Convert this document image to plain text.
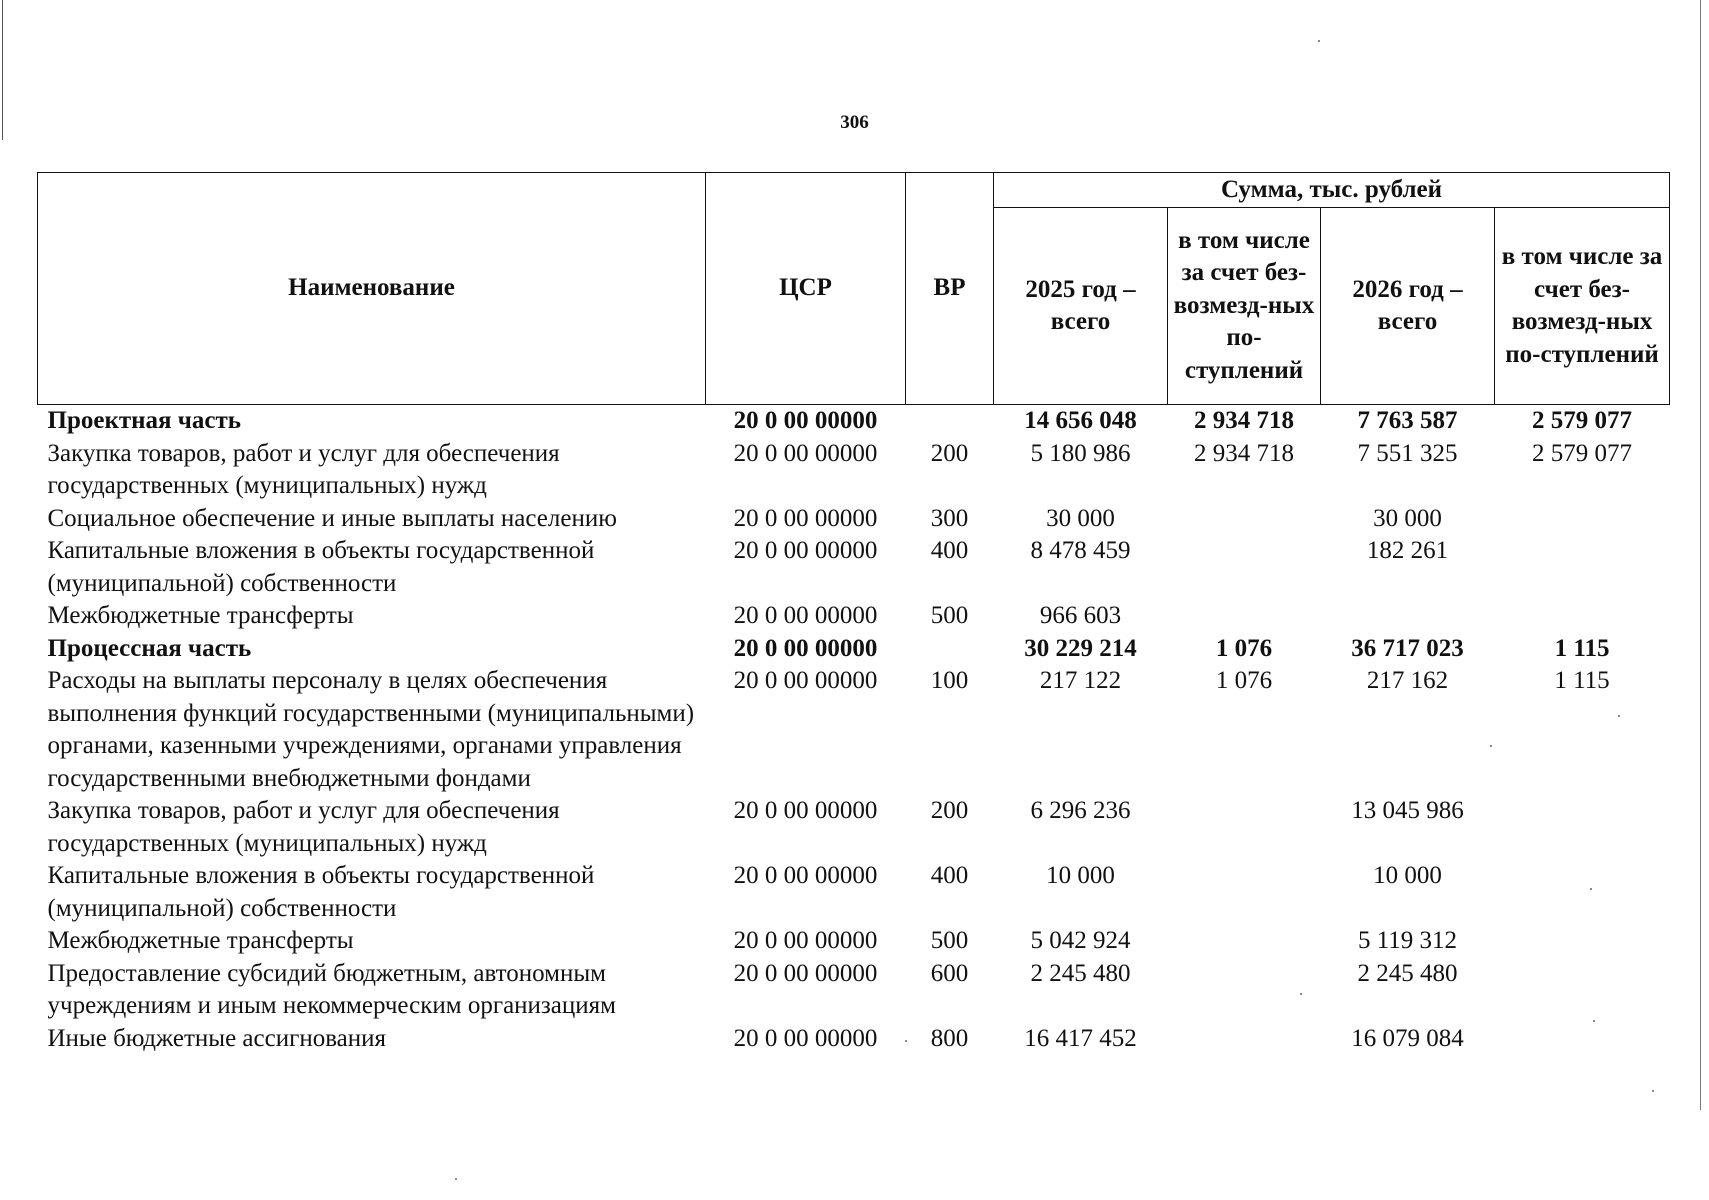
306
Наименование	ЦСР	ВР	Сумма, тыс. рублей			
			2025 год – всего	в том числе за счет без-возмезд-ных по-ступлений	2026 год – всего	в том числе за счет без-возмезд-ных по-ступлений
Проектная часть	20 0 00 00000		14 656 048	2 934 718	7 763 587	2 579 077
Закупка товаров, работ и услуг для обеспечения государственных (муниципальных) нужд	20 0 00 00000	200	5 180 986	2 934 718	7 551 325	2 579 077
Социальное обеспечение и иные выплаты населению	20 0 00 00000	300	30 000		30 000	
Капитальные вложения в объекты государственной (муниципальной) собственности	20 0 00 00000	400	8 478 459		182 261	
Межбюджетные трансферты	20 0 00 00000	500	966 603			
Процессная часть	20 0 00 00000		30 229 214	1 076	36 717 023	1 115
Расходы на выплаты персоналу в целях обеспечения выполнения функций государственными (муниципальными) органами, казенными учреждениями, органами управления государственными внебюджетными фондами	20 0 00 00000	100	217 122	1 076	217 162	1 115
Закупка товаров, работ и услуг для обеспечения государственных (муниципальных) нужд	20 0 00 00000	200	6 296 236		13 045 986	
Капитальные вложения в объекты государственной (муниципальной) собственности	20 0 00 00000	400	10 000		10 000	
Межбюджетные трансферты	20 0 00 00000	500	5 042 924		5 119 312	
Предоставление субсидий бюджетным, автономным учреждениям и иным некоммерческим организациям	20 0 00 00000	600	2 245 480		2 245 480	
Иные бюджетные ассигнования	20 0 00 00000	800	16 417 452		16 079 084	
